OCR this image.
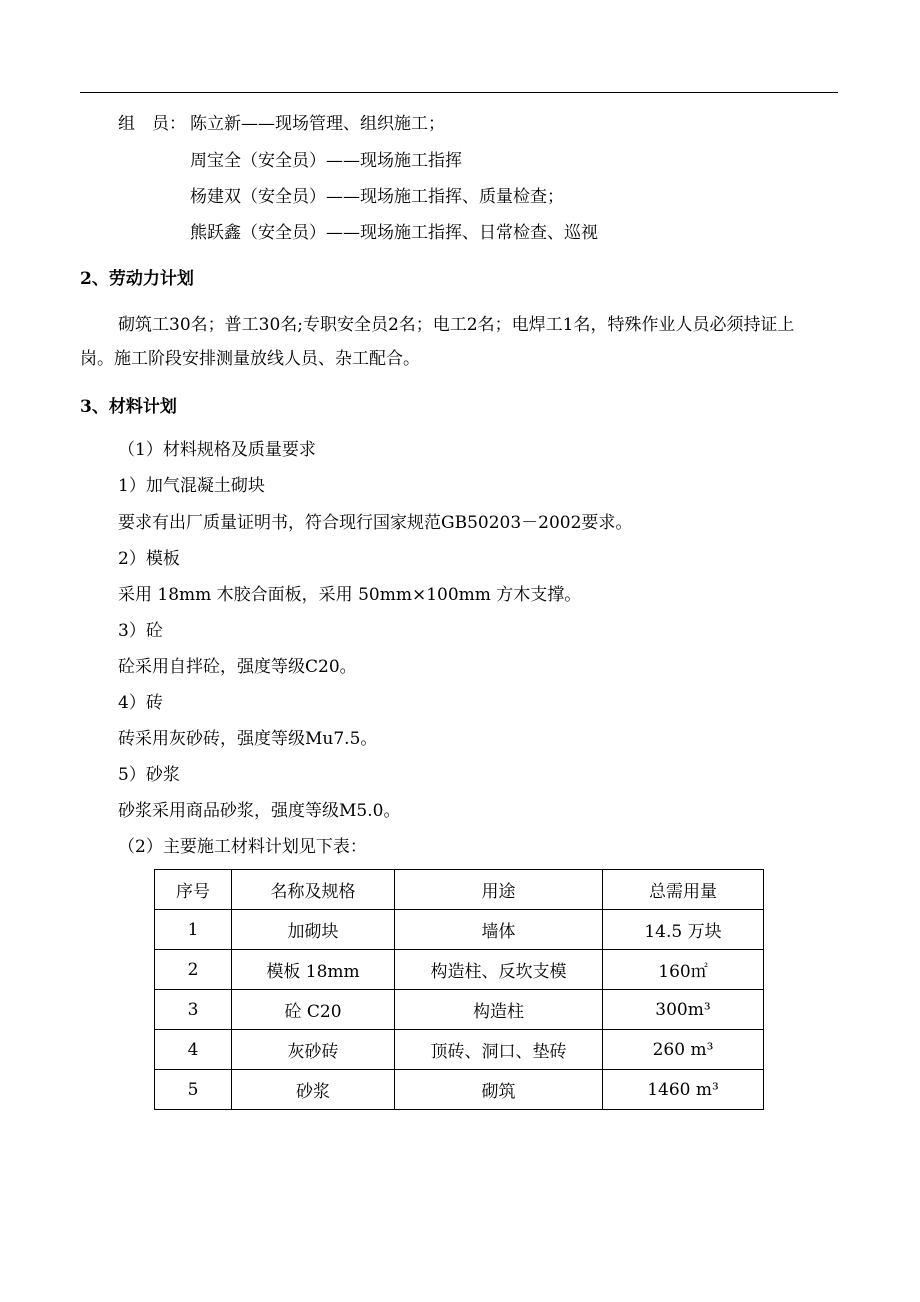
组　员： 陈立新——现场管理、组织施工；
周宝全（安全员）——现场施工指挥
杨建双（安全员）——现场施工指挥、质量检查；
熊跃鑫（安全员）——现场施工指挥、日常检查、巡视
2、劳动力计划
砌筑工30名；普工30名;专职安全员2名；电工2名；电焊工1名，特殊作业人员必须持证上
岗。施工阶段安排测量放线人员、杂工配合。
3、材料计划
（1）材料规格及质量要求
1）加气混凝土砌块
要求有出厂质量证明书，符合现行国家规范GB50203－2002要求。
2）模板
采用 18mm 木胶合面板，采用 50mm×100mm 方木支撑。
3）砼
砼采用自拌砼，强度等级C20。
4）砖
砖采用灰砂砖，强度等级Mu7.5。
5）砂浆
砂浆采用商品砂浆，强度等级M5.0。
（2）主要施工材料计划见下表：
序号	名称及规格	用途	总需用量
1	加砌块	墙体	14.5 万块
2	模板 18mm	构造柱、反坎支模	160㎡
3	砼 C20	构造柱	300m³
4	灰砂砖	顶砖、洞口、垫砖	260 m³
5	砂浆	砌筑	1460 m³
